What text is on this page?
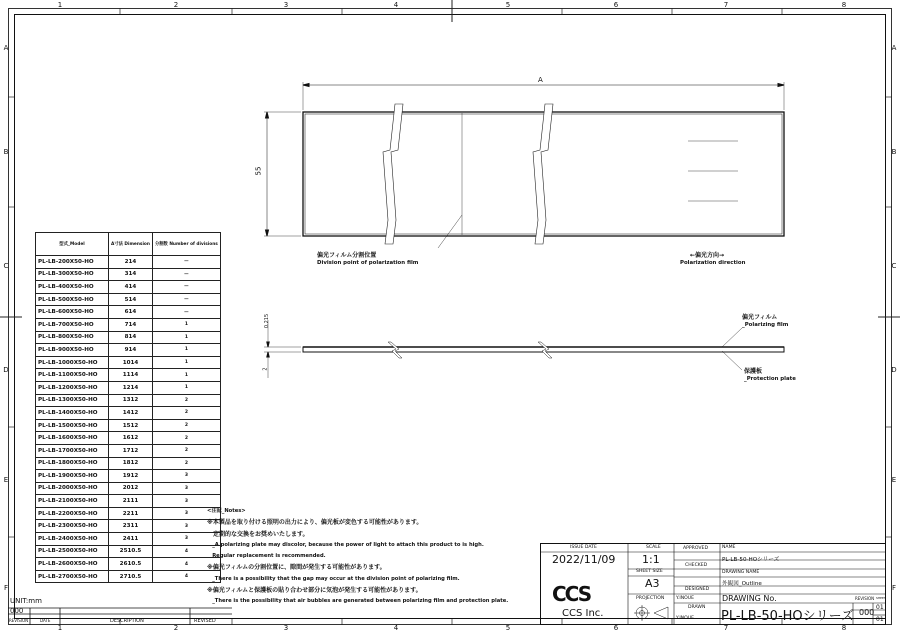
1	2	3	4	5	6	7	8
1	2	3	4	5	6	7	8
A
B
C
D
E
F
A
B
C
D
E
F
A
55
0.215
2
偏光フィルム分割位置
Division point of polarization film
←偏光方向→
Polarization direction
偏光フィルム
_Polarizing film
保護板
_Protection plate
型式_Model	A寸法 Dimension	分割数 Number of divisions
PL-LB-200X50-HO	214	—
PL-LB-300X50-HO	314	—
PL-LB-400X50-HO	414	—
PL-LB-500X50-HO	514	—
PL-LB-600X50-HO	614	—
PL-LB-700X50-HO	714	1
PL-LB-800X50-HO	814	1
PL-LB-900X50-HO	914	1
PL-LB-1000X50-HO	1014	1
PL-LB-1100X50-HO	1114	1
PL-LB-1200X50-HO	1214	1
PL-LB-1300X50-HO	1312	2
PL-LB-1400X50-HO	1412	2
PL-LB-1500X50-HO	1512	2
PL-LB-1600X50-HO	1612	2
PL-LB-1700X50-HO	1712	2
PL-LB-1800X50-HO	1812	2
PL-LB-1900X50-HO	1912	3
PL-LB-2000X50-HO	2012	3
PL-LB-2100X50-HO	2111	3
PL-LB-2200X50-HO	2211	3
PL-LB-2300X50-HO	2311	3
PL-LB-2400X50-HO	2411	3
PL-LB-2500X50-HO	2510.5	4
PL-LB-2600X50-HO	2610.5	4
PL-LB-2700X50-HO	2710.5	4
<注記_Notes>
※本製品を取り付ける照明の出力により、偏光板が変色する可能性があります。
　定期的な交換をお奨めいたします。
　_A polarizing plate may discolor, because the power of light to attach this product to is high.
　Regular replacement is recommended.
※偏光フィルムの分割位置に、隙間が発生する可能性があります。
　_There is a possibility that the gap may occur at the division point of polarizing film.
※偏光フィルムと保護板の貼り合わせ部分に気泡が発生する可能性があります。
　_There is the possibility that air bubbles are generated between polarizing film and protection plate.
UNIT:mm
000
REVISION	DATE	DESCRIPTION	REVISED
CCS
ISSUE DATE
2022/11/09
SCALE
1:1
SHEET SIZE
A3
PROJECTION
CCS Inc.
APPROVED
CHECKED
DESIGNED
Y.INOUE
DRAWN
Y.INOUE
NAME
PL-LB-50-HOシリーズ
DRAWING NAME
外観図_Outline
DRAWING No.
PL-LB-50-HOシリーズ
REVISION SHEET
000
01
01
